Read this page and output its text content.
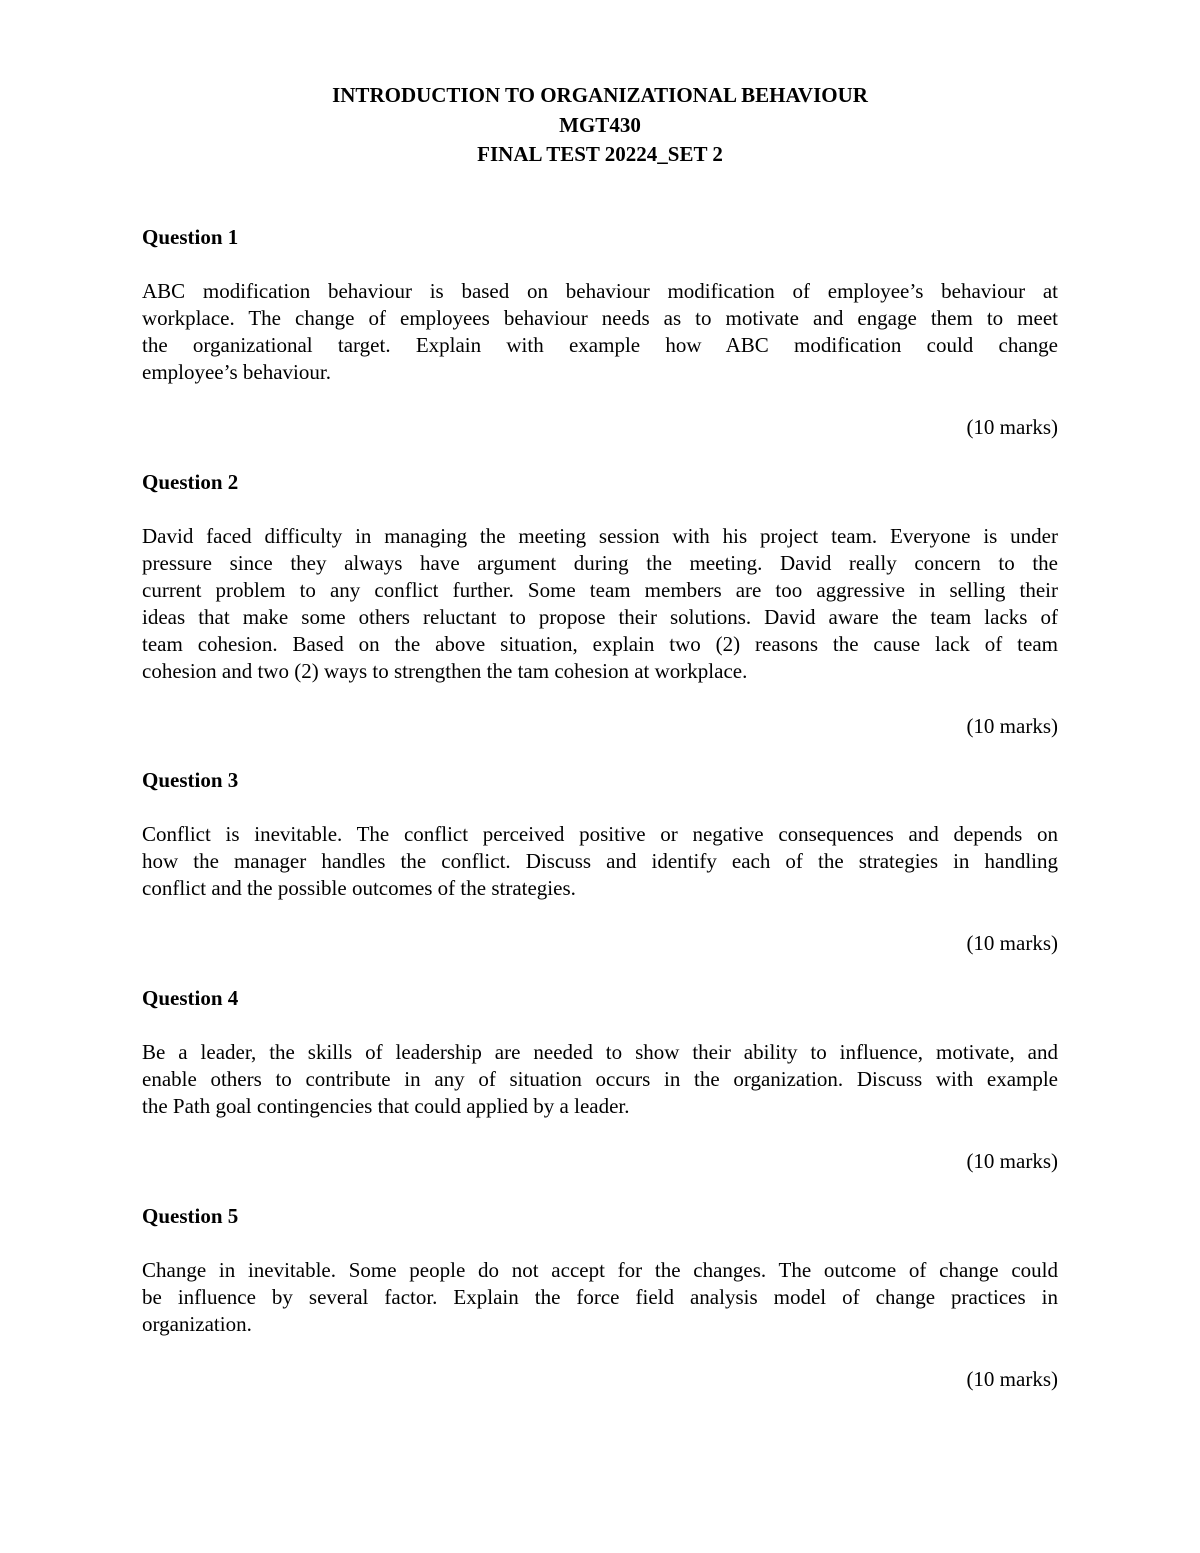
INTRODUCTION TO ORGANIZATIONAL BEHAVIOUR
MGT430
FINAL TEST 20224_SET 2
Question 1
ABC modification behaviour is based on behaviour modification of employee’s behaviour at
workplace. The change of employees behaviour needs as to motivate and engage them to meet
the organizational target. Explain with example how ABC modification could change
employee’s behaviour.
(10 marks)
Question 2
David faced difficulty in managing the meeting session with his project team. Everyone is under
pressure since they always have argument during the meeting. David really concern to the
current problem to any conflict further. Some team members are too aggressive in selling their
ideas that make some others reluctant to propose their solutions. David aware the team lacks of
team cohesion. Based on the above situation, explain two (2) reasons the cause lack of team
cohesion and two (2) ways to strengthen the tam cohesion at workplace.
(10 marks)
Question 3
Conflict is inevitable. The conflict perceived positive or negative consequences and depends on
how the manager handles the conflict. Discuss and identify each of the strategies in handling
conflict and the possible outcomes of the strategies.
(10 marks)
Question 4
Be a leader, the skills of leadership are needed to show their ability to influence, motivate, and
enable others to contribute in any of situation occurs in the organization. Discuss with example
the Path goal contingencies that could applied by a leader.
(10 marks)
Question 5
Change in inevitable. Some people do not accept for the changes. The outcome of change could
be influence by several factor. Explain the force field analysis model of change practices in
organization.
(10 marks)
